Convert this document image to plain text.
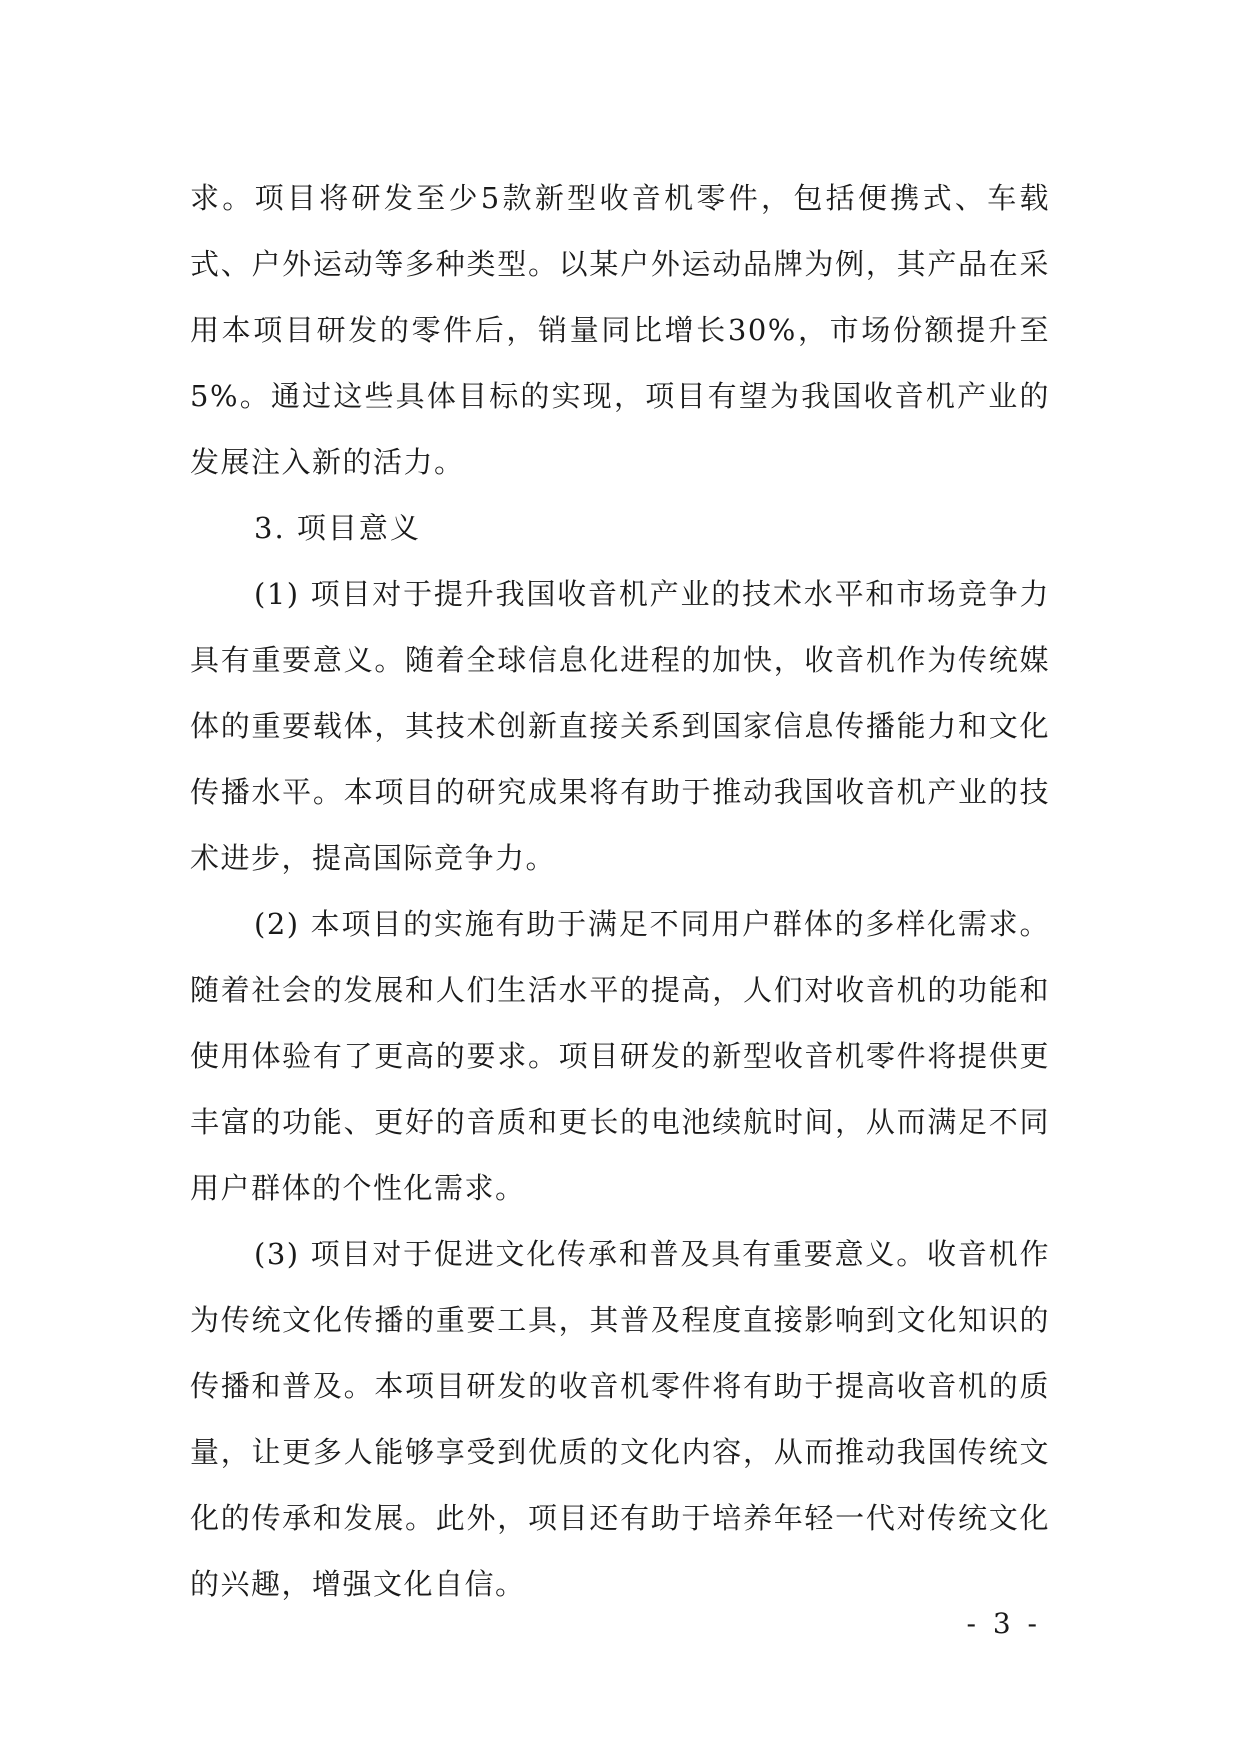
求。项目将研发至少5款新型收音机零件，包括便携式、车载式、户外运动等多种类型。以某户外运动品牌为例，其产品在采用本项目研发的零件后，销量同比增长30%，市场份额提升至5%。通过这些具体目标的实现，项目有望为我国收音机产业的发展注入新的活力。

3. 项目意义

(1) 项目对于提升我国收音机产业的技术水平和市场竞争力具有重要意义。随着全球信息化进程的加快，收音机作为传统媒体的重要载体，其技术创新直接关系到国家信息传播能力和文化传播水平。本项目的研究成果将有助于推动我国收音机产业的技术进步，提高国际竞争力。

(2) 本项目的实施有助于满足不同用户群体的多样化需求。随着社会的发展和人们生活水平的提高，人们对收音机的功能和使用体验有了更高的要求。项目研发的新型收音机零件将提供更丰富的功能、更好的音质和更长的电池续航时间，从而满足不同用户群体的个性化需求。

(3) 项目对于促进文化传承和普及具有重要意义。收音机作为传统文化传播的重要工具，其普及程度直接影响到文化知识的传播和普及。本项目研发的收音机零件将有助于提高收音机的质量，让更多人能够享受到优质的文化内容，从而推动我国传统文化的传承和发展。此外，项目还有助于培养年轻一代对传统文化的兴趣，增强文化自信。

- 3 -
